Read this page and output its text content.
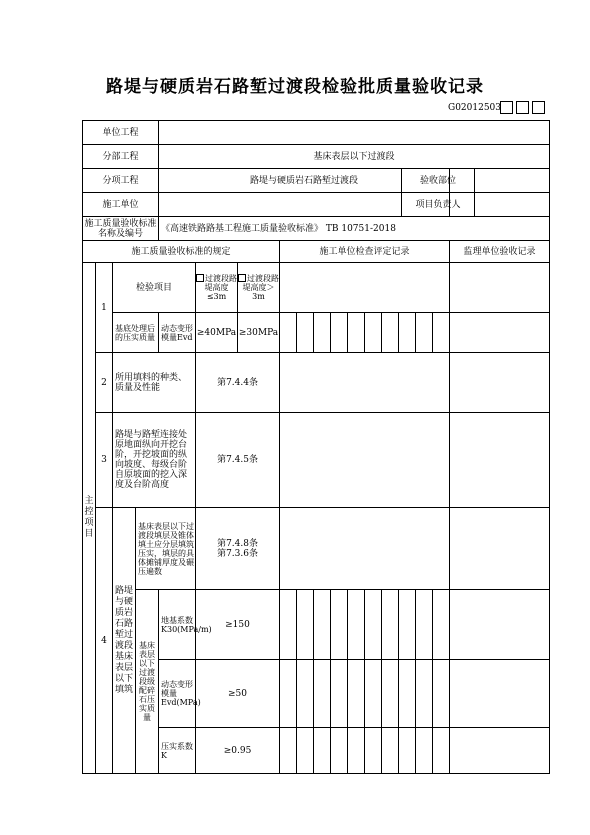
路堤与硬质岩石路堑过渡段检验批质量验收记录
G02012503
单位工程								
分部工程				基床表层以下过渡段				
分项工程				路堤与硬质岩石路堑过渡段 验收部位				

施工单位				项目负责人				

施工质量验收标准名称及编号				《高速铁路路基工程施工质量验收标准》 TB 10751-2018				
施工质量验收标准的规定							施工单位检查评定记录	监理单位验收记录
主控项目	1	检验项目			过渡段路堤高度≤3m	过渡段路堤高度＞3m		
		基底处理后的压实质量		动态变形模量Evd	≥40MPa	≥30MPa	

	2	所用填料的种类、质量及性能			第7.4.4条			
	3	路堤与路堑连接处原地面纵向开挖台阶，开挖坡面的纵向坡度、每级台阶自原坡面的挖入深度及台阶高度			第7.4.5条			
	4	路堤与硬质岩石路堑过渡段基床表层以下填筑	基床表层以下过渡段填层及锥体填土应分层填筑压实，填层的具体摊铺厚度及碾压遍数		第7.4.8条
第7.3.6条			

			基床表层以下过渡段级配碎石压实质量	地基系数K30(MPa/m)	≥150		

				动态变形模量Evd(MPa)	≥50		

				压实系数K	≥0.95		
